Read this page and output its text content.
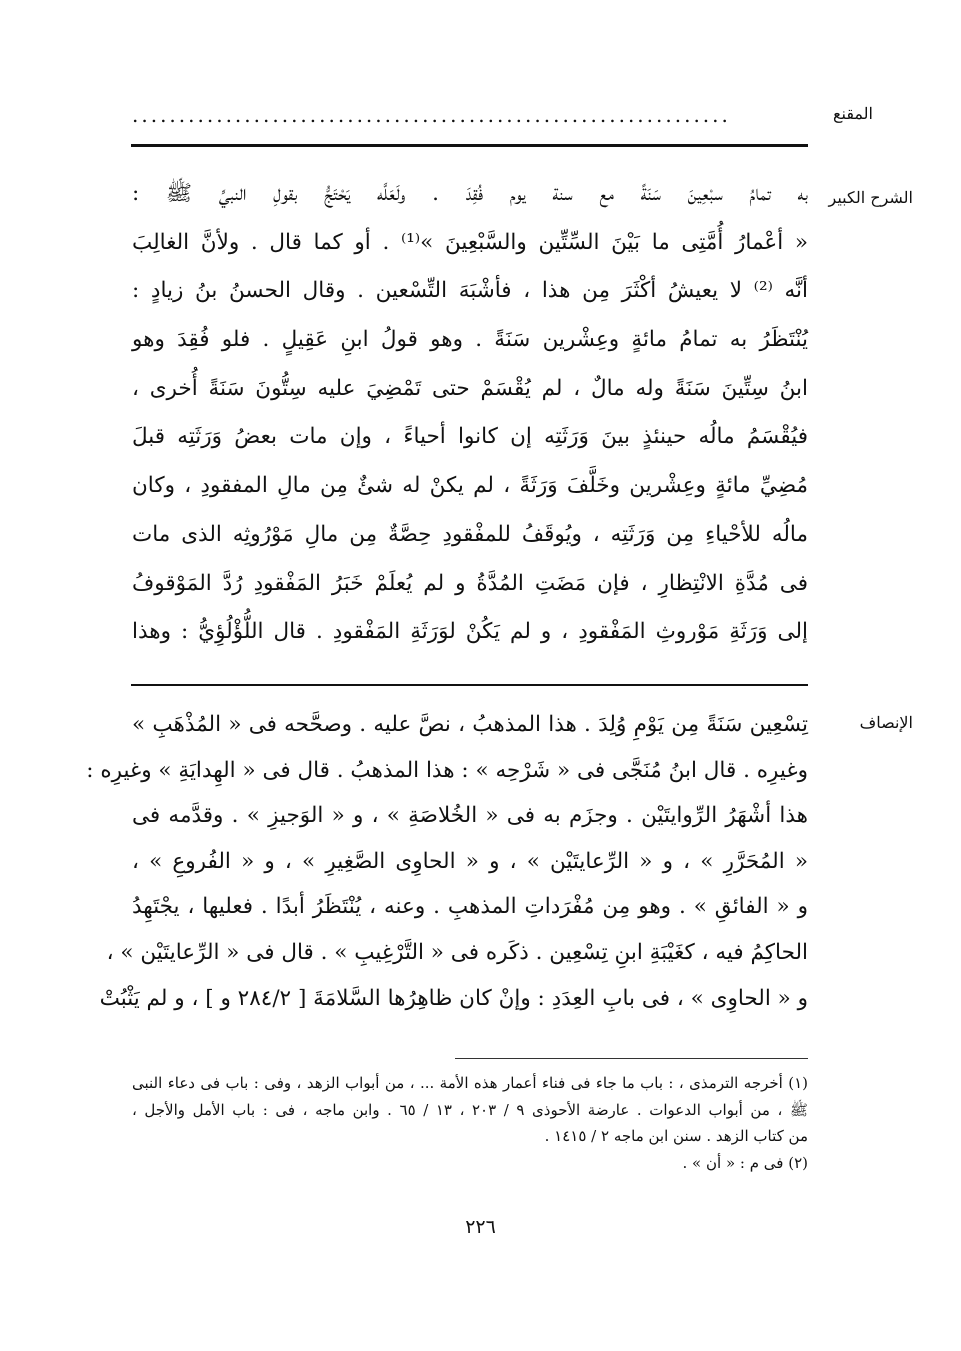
المقنع
................................................................
الشرح الكبير
به تمامُ سبْعِينَ سَنَةً مع سنة يوم فُقِدَ . ولَعَلَّه يَحْتَجُّ بقولِ النبيِّ ﷺ :
« أعْمارُ أُمَّتِى ما بَيْنَ السِّتِّين والسَّبْعِينَ »⁽¹⁾ . أو كما قال . ولأنَّ الغالِبَ
أنَّه ⁽²⁾ لا يعيشُ أكْثَرَ مِن هذا ، فأشْبَهَ التِّسْعين . وقال الحسنُ بنُ زيادٍ :
يُنْتَظَرُ به تمامُ مائةٍ وعِشْرين سَنَةً . وهو قولُ ابنِ عَقِيلٍ . فلو فُقِدَ وهو
ابنُ سِتِّينَ سَنَةً وله مالٌ ، لم يُقْسَمْ حتى تَمْضِيَ عليه سِتُّونَ سَنَةً أُخرى ،
فيُقْسَمُ مالُه حينئذٍ بينَ وَرَثَتِه إن كانوا أحياءً ، وإن مات بعضُ وَرَثَتِه قبلَ
مُضِيِّ مائةٍ وعِشْرين وخَلَّفَ وَرَثَةً ، لم يكنْ له شئٌ مِن مالِ المفقودِ ، وكان
مالُه للأحْياءِ مِن وَرَثَتِه ، ويُوقَفُ للمفْقودِ حِصَّةٌ مِن مالِ مَوْرُوثِه الذى مات
فى مُدَّةِ الانْتِظارِ ، فإن مَضَتِ المُدَّةُ و لم يُعلَمْ خَبَرُ المَفْقودِ رُدَّ المَوْقوفُ
إلى وَرَثَةِ مَوْروثِ المَفْقودِ ، و لم يَكُنْ لوَرَثَةِ المَفْقودِ . قال اللُّؤْلُؤِيُّ : وهذا
الإنصاف
تِسْعِين سَنَةً مِن يَوْمِ وُلِدَ . هذا المذهبُ ، نصَّ عليه . وصحَّحه فى « المُذْهَبِ »
وغيرِه . قال ابنُ مُنَجَّى فى « شَرْحِه » : هذا المذهبُ . قال فى « الهِدايَةِ » وغيرِه :
هذا أشْهَرُ الرِّوايتَيْن . وجزَم به فى « الخُلاصَةِ » ، و « الوَجيزِ » . وقدَّمه فى
« المُحَرَّرِ » ، و « الرِّعايتَيْن » ، و « الحاوِى الصَّغِيرِ » ، و « الفُروعِ » ،
و « الفائقِ » . وهو مِن مُفْرَداتِ المذهبِ . وعنه ، يُنْتَظَرُ أبدًا . فعليها ، يجْتَهِدُ
الحاكِمُ فيه ، كغَيْبَةِ ابنِ تِسْعِين . ذكَره فى « التَّرْغِيبِ » . قال فى « الرِّعايتَيْن » ،
و « الحاوِى » ، فى بابِ العِدَدِ : وإنْ كان ظاهِرُها السَّلامَةَ [ ٢٨٤/٢ و ] ، و لم يَثْبُتْ
(١) أخرجه الترمذى ، : باب ما جاء فى فناء أعمار هذه الأمة ... ، من أبواب الزهد ، وفى : باب فى دعاء النبى
ﷺ ، من أبواب الدعوات . عارضة الأحوذى ٩ / ٢٠٣ ، ١٣ / ٦٥ . وابن ماجه ، فى : باب الأمل والأجل ،
من كتاب الزهد . سنن ابن ماجه ٢ / ١٤١٥ .
(٢) فى م : « أن » .
٢٢٦
